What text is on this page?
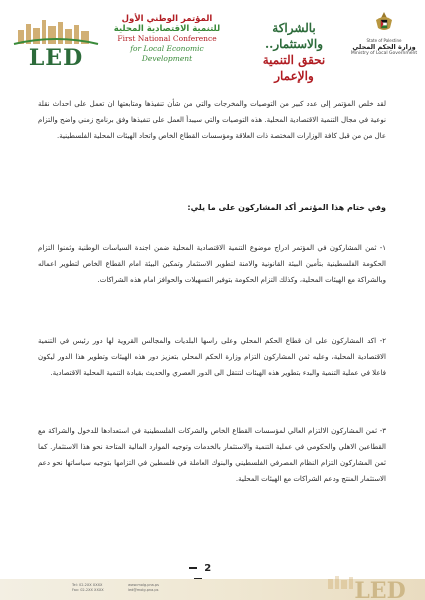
LED
المؤتمر الوطني الأول
للتنمية الاقتصادية المحلية
First National Conference
for Local Economic Development
بالشراكة والاستثمار..
نحقق التنمية والإعمار
State of Palestine
وزارة الحكم المحلي
Ministry of Local Government

لقد خلص المؤتمر إلى عدد كبير من التوصيات والمخرجات والتي من شأن تنفيذها ومتابعتها ان تعمل على احداث نقلة نوعية في مجال التنمية الاقتصادية المحلية. هذه التوصيات والتي سيبدأ العمل على تنفيذها وفق برنامج زمني واضح والتزام عال من من قبل كافة الوزارات المختصة ذات العلاقة ومؤسسات القطاع الخاص واتحاد الهيئات المحلية الفلسطينية.

وفي ختام هذا المؤتمر أكد المشاركون على ما يلي:
١- ثمن المشاركون في المؤتمر ادراج موضوع التنمية الاقتصادية المحلية ضمن اجندة السياسات الوطنية وثمنوا التزام الحكومة الفلسطينية بتأمين البيئة القانونية والامنة لتطوير الاستثمار وتمكين البيئة امام القطاع الخاص لتطوير اعماله وبالشراكة مع الهيئات المحلية، وكذلك التزام الحكومة بتوفير التسهيلات والحوافز امام هذه الشراكات.
٢- اكد المشاركون على ان قطاع الحكم المحلي وعلى راسها البلديات والمجالس القروية لها دور رئيس في التنمية الاقتصادية المحلية، وعليه ثمن المشاركون التزام وزارة الحكم المحلي بتعزيز دور هذه الهيئات وتطوير هذا الدور ليكون فاعلا في عملية التنمية والبدء بتطوير هذه الهيئات لتنتقل الى الدور العصري والحديث بقيادة التنمية المحلية الاقتصادية.
٣- ثمن المشاركون الالتزام العالي لمؤسسات القطاع الخاص والشركات الفلسطينية في استعدادها للدخول والشراكة مع القطاعين الاهلي والحكومي في عملية التنمية والاستثمار بالخدمات وتوجيه الموارد المالية المتاحة نحو هذا الاستثمار. كما ثمن المشاركون التزام النظام المصرفي الفلسطيني والبنوك العاملة في فلسطين في التزامها بتوجيه سياساتها نحو دعم الاستثمار المنتج ودعم الشراكات مع الهيئات المحلية.
2
Tel: 02-2XX XXXX
Fax: 02-2XX XXXX
www.molg.pna.ps
led@molg.pna.ps	LED
